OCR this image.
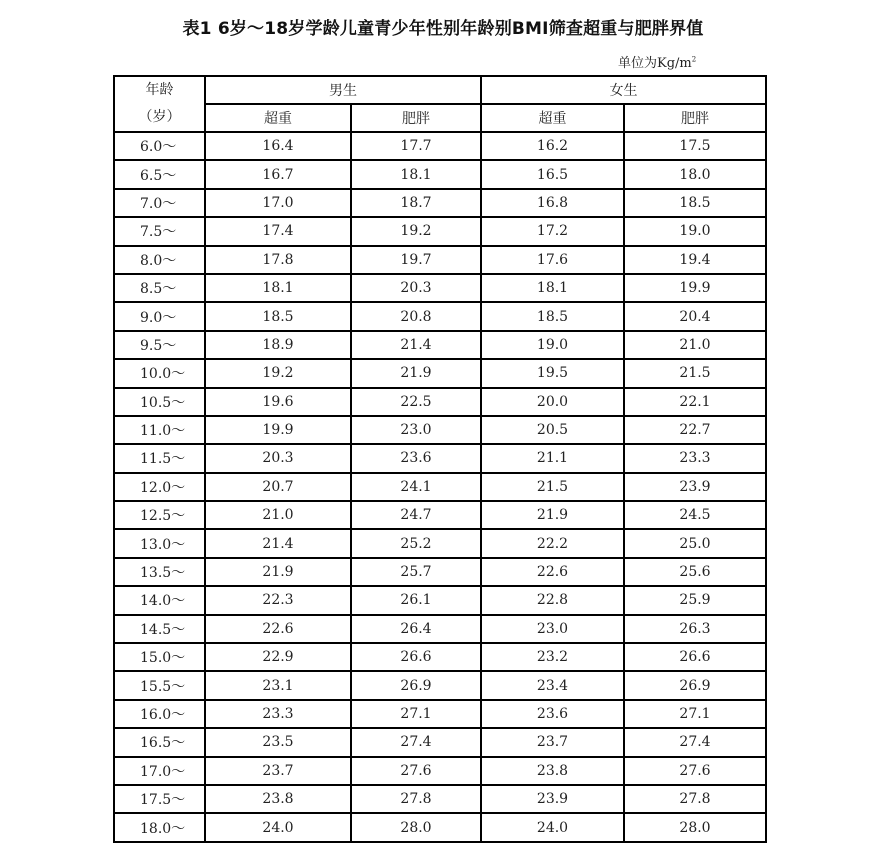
表1 6岁～18岁学龄儿童青少年性别年龄别BMI筛查超重与肥胖界值
单位为$Kg/m^2$
年龄
（岁）	男生		女生	
	超重	肥胖	超重	肥胖
6.0～	16.4	17.7	16.2	17.5
6.5～	16.7	18.1	16.5	18.0
7.0～	17.0	18.7	16.8	18.5
7.5～	17.4	19.2	17.2	19.0
8.0～	17.8	19.7	17.6	19.4
8.5～	18.1	20.3	18.1	19.9
9.0～	18.5	20.8	18.5	20.4
9.5～	18.9	21.4	19.0	21.0
10.0～	19.2	21.9	19.5	21.5
10.5～	19.6	22.5	20.0	22.1
11.0～	19.9	23.0	20.5	22.7
11.5～	20.3	23.6	21.1	23.3
12.0～	20.7	24.1	21.5	23.9
12.5～	21.0	24.7	21.9	24.5
13.0～	21.4	25.2	22.2	25.0
13.5～	21.9	25.7	22.6	25.6
14.0～	22.3	26.1	22.8	25.9
14.5～	22.6	26.4	23.0	26.3
15.0～	22.9	26.6	23.2	26.6
15.5～	23.1	26.9	23.4	26.9
16.0～	23.3	27.1	23.6	27.1
16.5～	23.5	27.4	23.7	27.4
17.0～	23.7	27.6	23.8	27.6
17.5～	23.8	27.8	23.9	27.8
18.0～	24.0	28.0	24.0	28.0
